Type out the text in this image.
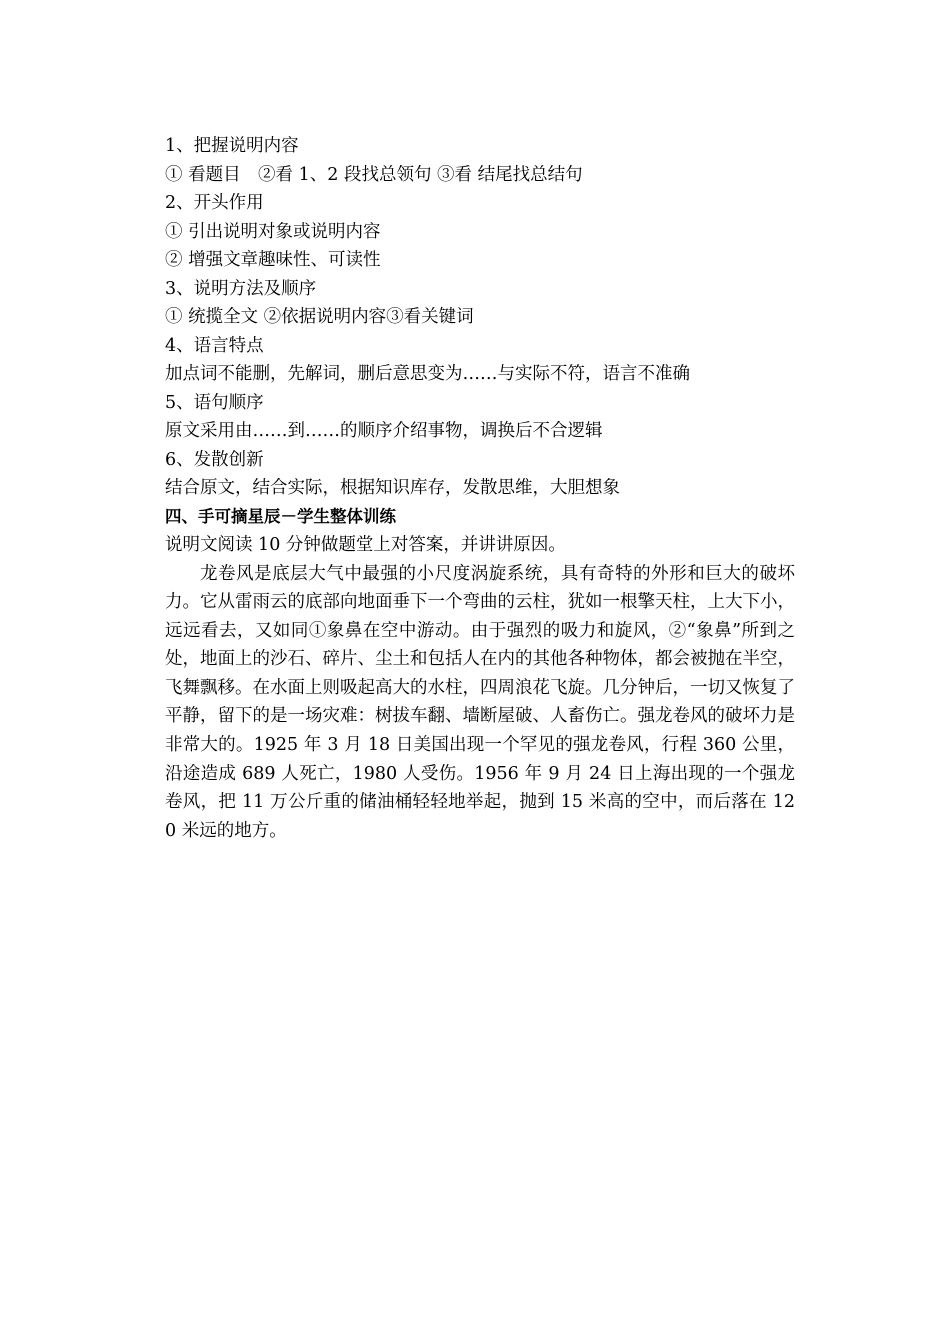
1、把握说明内容
① 看题目　②看 1、2 段找总领句 ③看 结尾找总结句
2、开头作用
① 引出说明对象或说明内容
② 增强文章趣味性、可读性
3、说明方法及顺序
① 统揽全文 ②依据说明内容③看关键词
4、语言特点
加点词不能删，先解词，删后意思变为……与实际不符，语言不准确
5、语句顺序
原文采用由……到……的顺序介绍事物，调换后不合逻辑
6、发散创新
结合原文，结合实际，根据知识库存，发散思维，大胆想象
四、手可摘星辰－学生整体训练
说明文阅读 10 分钟做题堂上对答案，并讲讲原因。
龙卷风是底层大气中最强的小尺度涡旋系统，具有奇特的外形和巨大的破坏力。它从雷雨云的底部向地面垂下一个弯曲的云柱，犹如一根擎天柱，上大下小，远远看去，又如同①象鼻在空中游动。由于强烈的吸力和旋风，②“象鼻”所到之处，地面上的沙石、碎片、尘土和包括人在内的其他各种物体，都会被抛在半空，飞舞飘移。在水面上则吸起高大的水柱，四周浪花飞旋。几分钟后，一切又恢复了平静，留下的是一场灾难：树拔车翻、墙断屋破、人畜伤亡。强龙卷风的破坏力是非常大的。1925 年 3 月 18 日美国出现一个罕见的强龙卷风，行程 360 公里，沿途造成 689 人死亡，1980 人受伤。1956 年 9 月 24 日上海出现的一个强龙卷风，把 11 万公斤重的储油桶轻轻地举起，抛到 15 米高的空中，而后落在 120 米远的地方。
